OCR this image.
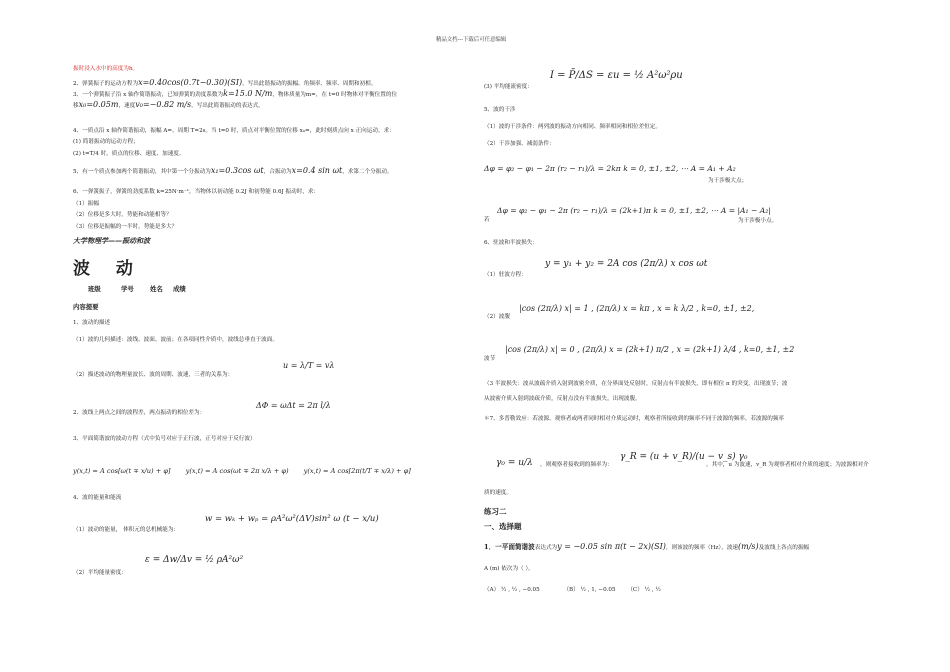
精品文档---下载后可任意编辑
振时浸入水中的高度为h。
2、弹簧振子的运动方程为x=0.40cos(0.7t−0.30)(SI)，写出此谐振动的振幅、角频率、频率、周期和初相。
3、一个弹簧振子沿 x 轴作简谐振动，已知弹簧的劲度系数为k=15.0 N/m，物体质量为m=，在 t=0 时物体对平衡位置的位
移x₀=0.05m，速度v₀=−0.82 m/s，写出此简谐振动的表达式。
4、一质点沿 x 轴作简谐振动，振幅 A=，周期 T=2s。当 t=0 时，质点对平衡位置的位移 x₀=，此时刻质点向 x 正向运动。求：
(1) 简谐振动的运动方程；
(2) t=T/4 时，质点的位移、速度、加速度。
5、有一个质点参加两个简谐振动，其中第一个分振动为x₁=0.3cos ωt，合振动为x=0.4 sin ωt，求第二个分振动。
6、一弹簧振子，弹簧的劲度系数 k=25N·m⁻¹，当物体以初动能 0.2J 和初势能 0.6J 振动时，求：
（1）振幅
（2）位移是多大时，势能和动能相等？
（3）位移是振幅的一半时，势能是多大？
大学物理学——振动和波
波 动
班级	学号	姓名 成绩
内容提要
1、波动的描述
（1）波的几何描述：波线、波面、波前；在各项同性介质中，波线总垂直于波面。
（2）描述波动的物理量波长、波的周期、波速，三者的关系为：
u = λ/T = vλ
2、波线上两点之间的波程差，两点振动的相位差为：
ΔΦ = ωΔt = 2π l/λ
3、平面简谐波的波动方程（式中负号对应于正行波，正号对应于反行波）
y(x,t) = A cos[ω(t ∓ x/u) + φ] y(x,t) = A cos(ωt ∓ 2π x/λ + φ) y(x,t) = A cos[2π(t/T ∓ x/λ) + φ]
4、波的能量和能流
（1）波动的能量， 体积元的总机械能为：
w = wₖ + wₚ = ρA²ω²(ΔV)sin² ω (t − x/u)
（2）平均能量密度：
ε = Δw/Δv = ½ ρA²ω²
I = P̄/ΔS = εu = ½ A²ω²ρu
(3) 平均能流密度：
5、波的干涉
（1）波的干涉条件：两列波的振动方向相同、频率相同和相位差恒定。
（2）干涉加强、减弱条件：
Δφ = φ₂ − φ₁ − 2π (r₂ − r₁)/λ = 2kπ k = 0, ±1, ±2, ⋯ A = A₁ + A₂
为干涉极大点；
若
Δφ = φ₂ − φ₁ − 2π (r₂ − r₁)/λ = (2k+1)π k = 0, ±1, ±2, ⋯ A = |A₁ − A₂|
为干涉极小点。
6、驻波和半波损失：
y = y₁ + y₂ = 2A cos (2π/λ) x cos ωt
（1）驻波方程：
（2）波腹
|cos (2π/λ) x| = 1 , (2π/λ) x = kπ , x = k λ/2 , k=0, ±1, ±2,
波节
|cos (2π/λ) x| = 0 , (2π/λ) x = (2k+1) π/2 , x = (2k+1) λ/4 , k=0, ±1, ±2
（3 半波损失：波从波疏介质入射到波密介质，在分界面处反射时，反射点有半波损失，即有相位 π 的突变，出现波节；波
从波密介质入射到波疏介质，反射点没有半波损失，出现波腹。
＊7、多普勒效应：若波源、观察者或两者同时相对介质运动时，观察者所接收到的频率不同于波源的频率。若波源的频率
γ₀ = u/λ ，则观察者接收到的频率为：
γ_R = (u + v_R)/(u − v_s) γ₀
。其中，u 为波速，v_R 为观察者相对介质的速度；为波源相对介
质的速度。
练习二
一、选择题
1．一平面简谐波表达式为y = −0.05 sin π(t − 2x)(SI)，则该波的频率（Hz），波速(m/s)及波线上各点的振幅
A (m) 依次为（ ）。
（A） ½ , ½ , −0.05	（B） ½ , 1, −0.05 （C） ½ , ½
